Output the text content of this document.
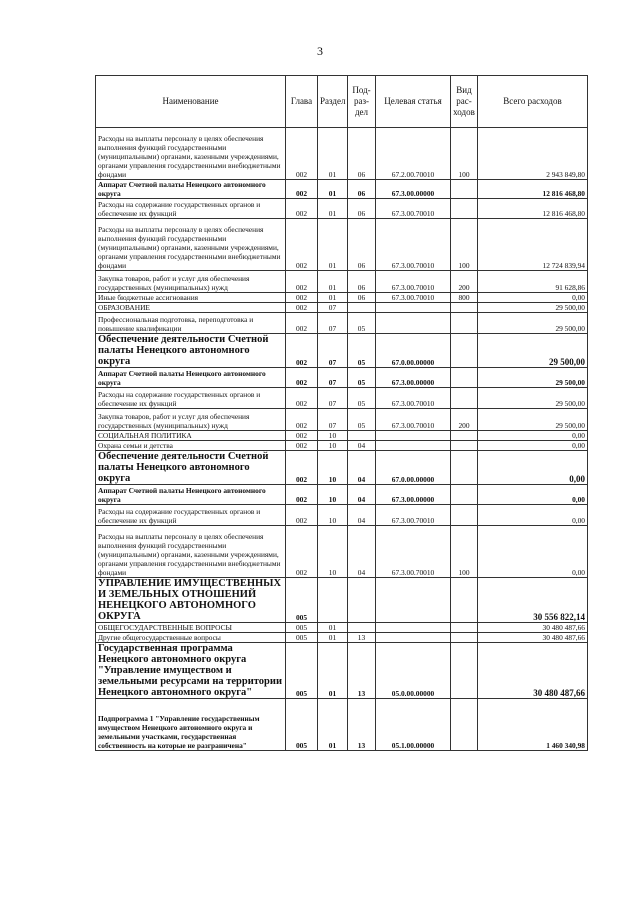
3
Наименование	Глава	Раздел	Под- раз- дел	Целевая статья	Вид рас- ходов	Всего расходов
Расходы на выплаты персоналу в целях обеспечения выполнения функций государственными (муниципальными) органами, казенными учреждениями, органами управления государственными внебюджетными фондами	002	01	06	67.2.00.70010	100	2 943 849,80
Аппарат Счетной палаты Ненецкого автономного округа	002	01	06	67.3.00.00000		12 816 468,80
Расходы на содержание государственных органов и обеспечение их функций	002	01	06	67.3.00.70010		12 816 468,80
Расходы на выплаты персоналу в целях обеспечения выполнения функций государственными (муниципальными) органами, казенными учреждениями, органами управления государственными внебюджетными фондами	002	01	06	67.3.00.70010	100	12 724 839,94
Закупка товаров, работ и услуг для обеспечения государственных (муниципальных) нужд	002	01	06	67.3.00.70010	200	91 628,86
Иные бюджетные ассигнования	002	01	06	67.3.00.70010	800	0,00
ОБРАЗОВАНИЕ	002	07				29 500,00
Профессиональная подготовка, переподготовка и повышение квалификации	002	07	05			29 500,00
Обеспечение деятельности Счетной палаты Ненецкого автономного округа	002	07	05	67.0.00.00000		29 500,00
Аппарат Счетной палаты Ненецкого автономного округа	002	07	05	67.3.00.00000		29 500,00
Расходы на содержание государственных органов и обеспечение их функций	002	07	05	67.3.00.70010		29 500,00
Закупка товаров, работ и услуг для обеспечения государственных (муниципальных) нужд	002	07	05	67.3.00.70010	200	29 500,00
СОЦИАЛЬНАЯ ПОЛИТИКА	002	10				0,00
Охрана семьи и детства	002	10	04			0,00
Обеспечение деятельности Счетной палаты Ненецкого автономного округа	002	10	04	67.0.00.00000		0,00
Аппарат Счетной палаты Ненецкого автономного округа	002	10	04	67.3.00.00000		0,00
Расходы на содержание государственных органов и обеспечение их функций	002	10	04	67.3.00.70010		0,00
Расходы на выплаты персоналу в целях обеспечения выполнения функций государственными (муниципальными) органами, казенными учреждениями, органами управления государственными внебюджетными фондами	002	10	04	67.3.00.70010	100	0,00
УПРАВЛЕНИЕ ИМУЩЕСТВЕННЫХ И ЗЕМЕЛЬНЫХ ОТНОШЕНИЙ НЕНЕЦКОГО АВТОНОМНОГО ОКРУГА	005					30 556 822,14
ОБЩЕГОСУДАРСТВЕННЫЕ ВОПРОСЫ	005	01				30 480 487,66
Другие общегосударственные вопросы	005	01	13			30 480 487,66
Государственная программа Ненецкого автономного округа "Управление имуществом и земельными ресурсами на территории Ненецкого автономного округа"	005	01	13	05.0.00.00000		30 480 487,66
Подпрограмма 1 "Управление государственным имуществом Ненецкого автономного округа и земельными участками, государственная собственность на которые не разграничена"	005	01	13	05.1.00.00000		1 460 340,98
